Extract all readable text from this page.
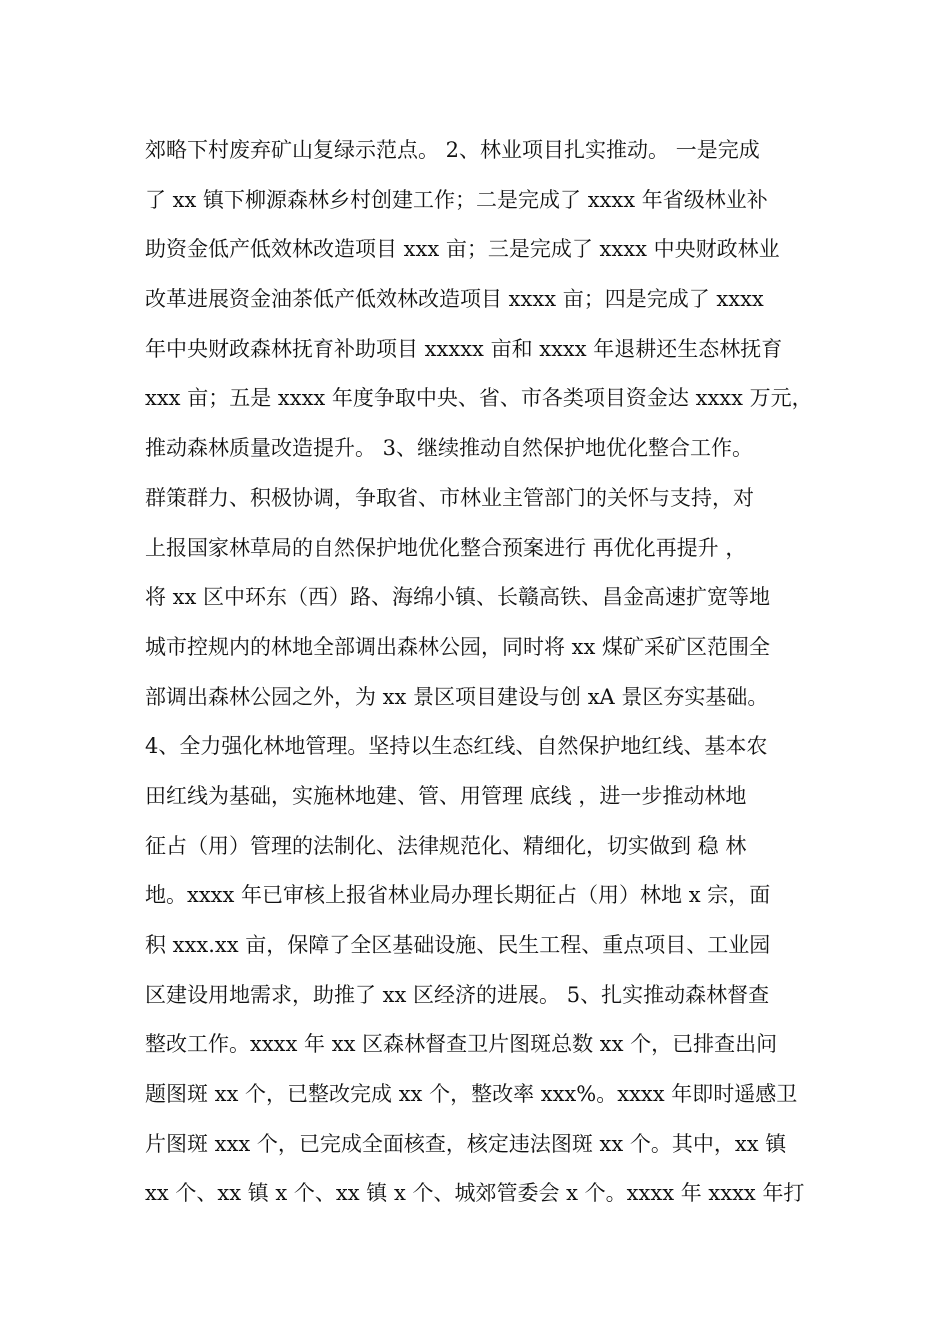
郊略下村废弃矿山复绿示范点。 2、林业项目扎实推动。 一是完成
了 xx 镇下柳源森林乡村创建工作；二是完成了 xxxx 年省级林业补
助资金低产低效林改造项目 xxx 亩；三是完成了 xxxx 中央财政林业
改革进展资金油茶低产低效林改造项目 xxxx 亩；四是完成了 xxxx
年中央财政森林抚育补助项目 xxxxx 亩和 xxxx 年退耕还生态林抚育
xxx 亩；五是 xxxx 年度争取中央、省、市各类项目资金达 xxxx 万元，
推动森林质量改造提升。 3、继续推动自然保护地优化整合工作。
群策群力、积极协调，争取省、市林业主管部门的关怀与支持，对
上报国家林草局的自然保护地优化整合预案进行 再优化再提升 ，
将 xx 区中环东（西）路、海绵小镇、长赣高铁、昌金高速扩宽等地
城市控规内的林地全部调出森林公园，同时将 xx 煤矿采矿区范围全
部调出森林公园之外，为 xx 景区项目建设与创 xA 景区夯实基础。
4、全力强化林地管理。坚持以生态红线、自然保护地红线、基本农
田红线为基础，实施林地建、管、用管理 底线 ，进一步推动林地
征占（用）管理的法制化、法律规范化、精细化，切实做到 稳 林
地。xxxx 年已审核上报省林业局办理长期征占（用）林地 x 宗，面
积 xxx.xx 亩，保障了全区基础设施、民生工程、重点项目、工业园
区建设用地需求，助推了 xx 区经济的进展。 5、扎实推动森林督查
整改工作。xxxx 年 xx 区森林督查卫片图斑总数 xx 个，已排查出问
题图斑 xx 个，已整改完成 xx 个，整改率 xxx%。xxxx 年即时遥感卫
片图斑 xxx 个，已完成全面核查，核定违法图斑 xx 个。其中，xx 镇
xx 个、xx 镇 x 个、xx 镇 x 个、城郊管委会 x 个。xxxx 年 xxxx 年打
